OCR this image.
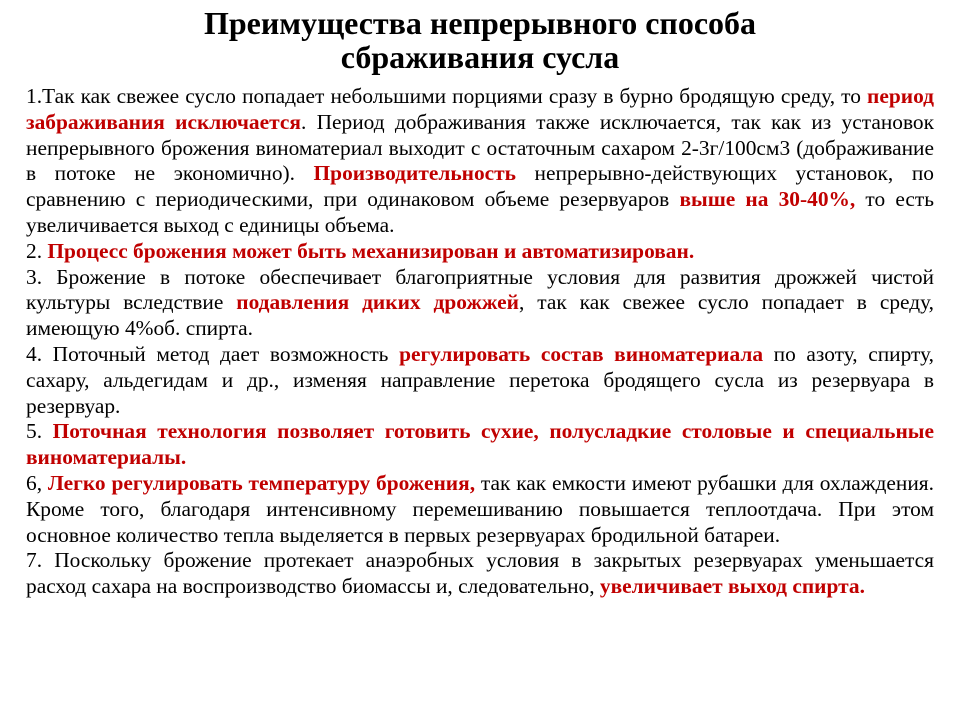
Преимущества непрерывного способа
сбраживания сусла

1.Так как свежее сусло попадает небольшими порциями сразу в бурно бродящую среду, то период забраживания исключается. Период дображивания также исключается, так как из установок непрерывного брожения виноматериал выходит с остаточным сахаром 2-3г/100см3 (дображивание в потоке не экономично). Производительность непрерывно-действующих установок, по сравнению с периодическими, при одинаковом объеме резервуаров выше на 30-40%, то есть увеличивается выход с единицы объема.

2. Процесс брожения может быть механизирован и автоматизирован.

3. Брожение в потоке обеспечивает благоприятные условия для развития дрожжей чистой культуры вследствие подавления диких дрожжей, так как свежее сусло попадает в среду, имеющую 4%об. спирта.

4. Поточный метод дает возможность регулировать состав виноматериала по азоту, спирту, сахару, альдегидам и др., изменяя направление перетока бродящего сусла из резервуара в резервуар.

5. Поточная технология позволяет готовить сухие, полусладкие столовые и специальные виноматериалы.

6, Легко регулировать температуру брожения, так как емкости имеют рубашки для охлаждения. Кроме того, благодаря интенсивному перемешиванию повышается теплоотдача. При этом основное количество тепла выделяется в первых резервуарах бродильной батареи.

7. Поскольку брожение протекает анаэробных условия в закрытых резервуарах уменьшается расход сахара на воспроизводство биомассы и, следовательно, увеличивает выход спирта.
